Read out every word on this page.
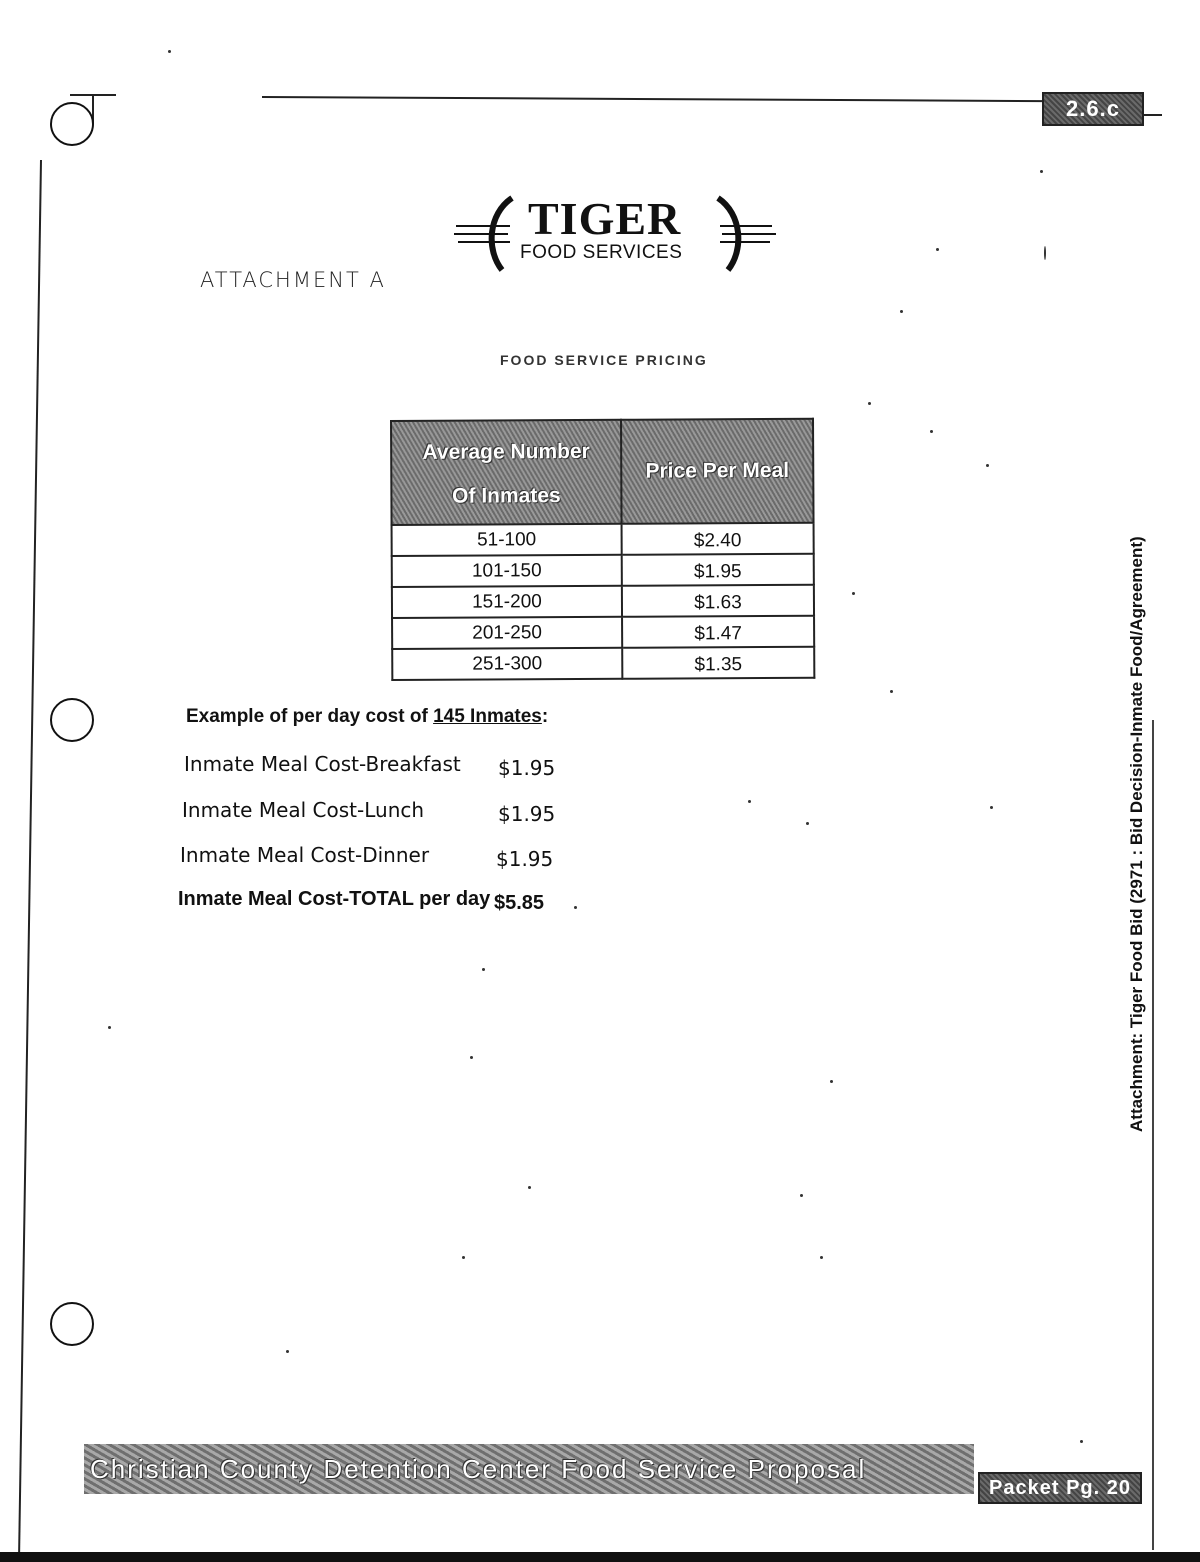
2.6.c
TIGER
FOOD SERVICES
ATTACHMENT A
FOOD SERVICE PRICING
Average Number
Of Inmates	Price Per Meal
51-100	$2.40
101-150	$1.95
151-200	$1.63
201-250	$1.47
251-300	$1.35
Example of per day cost of 145 Inmates:
Inmate Meal Cost-Breakfast $1.95
Inmate Meal Cost-Lunch	$1.95
Inmate Meal Cost-Dinner	$1.95
Inmate Meal Cost-TOTAL per day $5.85	Attachment: Tiger Food Bid (2971 : Bid Decision-Inmate Food/Agreement)
Christian County Detention Center Food Service Proposal
Packet Pg. 20
